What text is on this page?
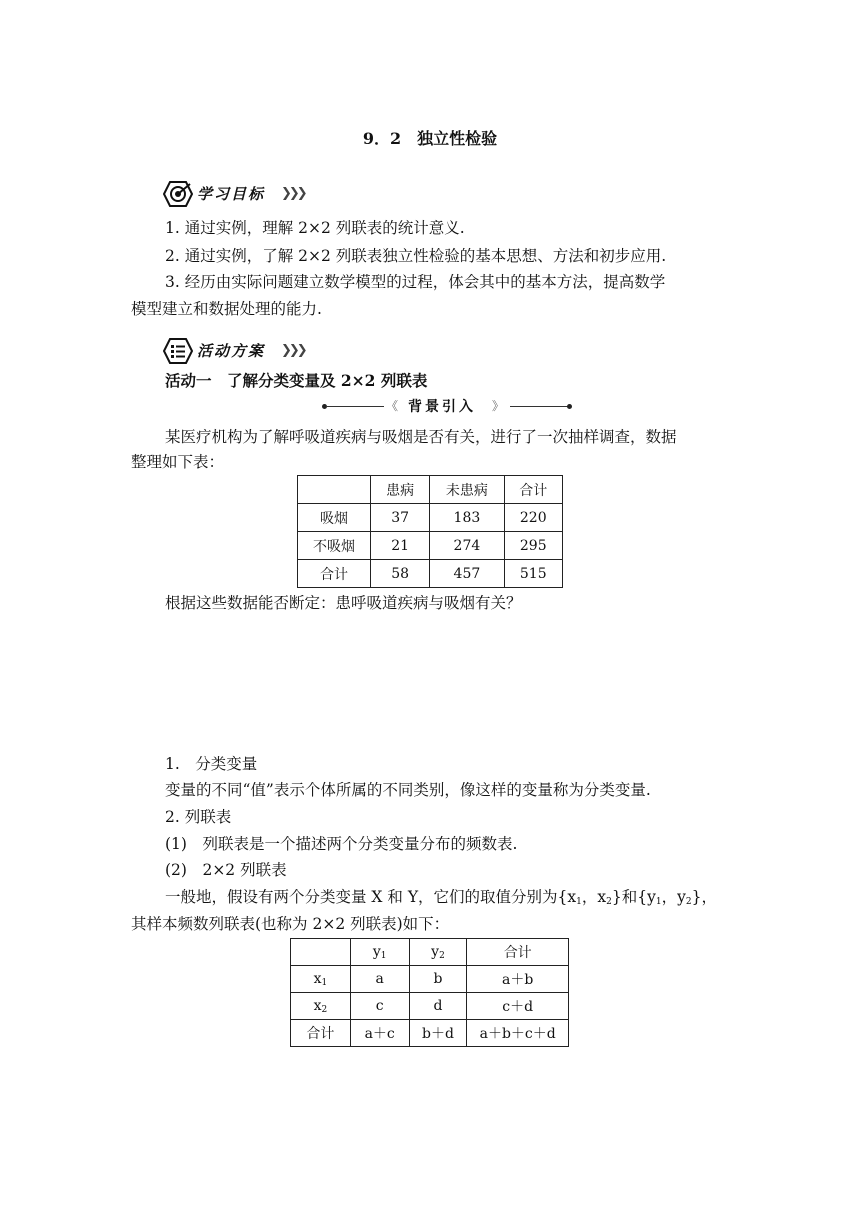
9．2　独立性检验
学习目标 ❯❯❯
1. 通过实例，理解 2×2 列联表的统计意义.
2. 通过实例，了解 2×2 列联表独立性检验的基本思想、方法和初步应用.
3. 经历由实际问题建立数学模型的过程，体会其中的基本方法，提高数学
模型建立和数据处理的能力.
活动方案 ❯❯❯
活动一　了解分类变量及 2×2 列联表
《 背景引入 》
某医疗机构为了解呼吸道疾病与吸烟是否有关，进行了一次抽样调查，数据
整理如下表：
	患病	未患病	合计
吸烟	37	183	220
不吸烟	21	274	295
合计	58	457	515
根据这些数据能否断定：患呼吸道疾病与吸烟有关？
1.　分类变量
变量的不同“值”表示个体所属的不同类别，像这样的变量称为分类变量.
2. 列联表
(1)　列联表是一个描述两个分类变量分布的频数表.
(2)　2×2 列联表
一般地，假设有两个分类变量 X 和 Y，它们的取值分别为{$x_1$，$x_2$}和{$y_1$，$y_2$}，
其样本频数列联表(也称为 2×2 列联表)如下：
	$y_1$	$y_2$	合计
$x_1$	a	b	a＋b
$x_2$	c	d	c＋d
合计	a＋c	b＋d	a＋b＋c＋d
